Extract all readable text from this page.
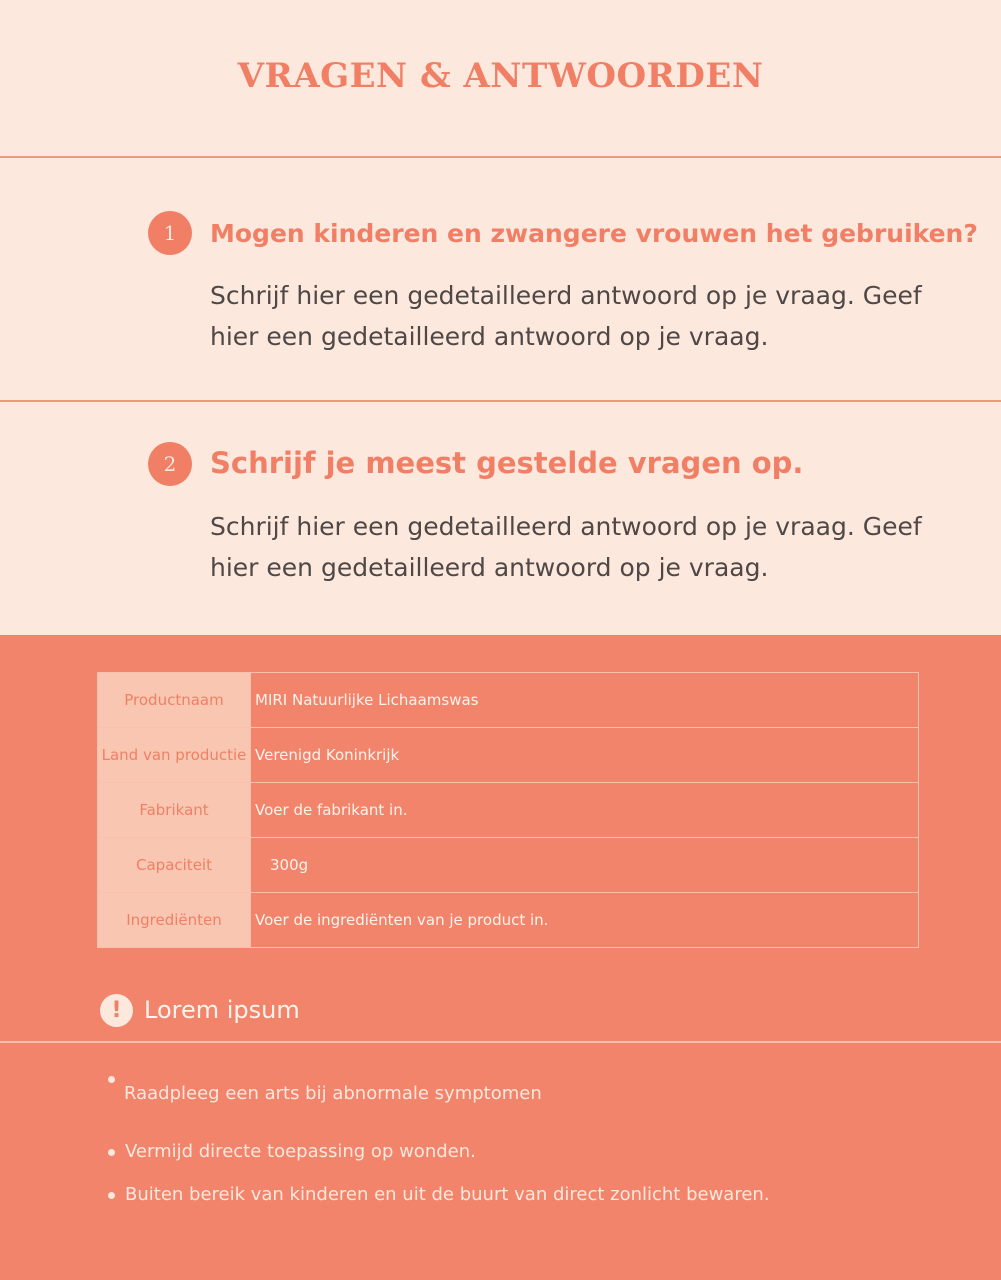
VRAGEN & ANTWOORDEN
1	Mogen kinderen en zwangere vrouwen het gebruiken?
Schrijf hier een gedetailleerd antwoord op je vraag. Geef hier een gedetailleerd antwoord op je vraag.
2	Schrijf je meest gestelde vragen op.
Schrijf hier een gedetailleerd antwoord op je vraag. Geef hier een gedetailleerd antwoord op je vraag.
Productnaam	MIRI Natuurlijke Lichaamswas
Land van productie	Verenigd Koninkrijk
Fabrikant	Voer de fabrikant in.
Capaciteit	300g
Ingrediënten	Voer de ingrediënten van je product in.
! Lorem ipsum
Raadpleeg een arts bij abnormale symptomen
Vermijd directe toepassing op wonden.
Buiten bereik van kinderen en uit de buurt van direct zonlicht bewaren.
